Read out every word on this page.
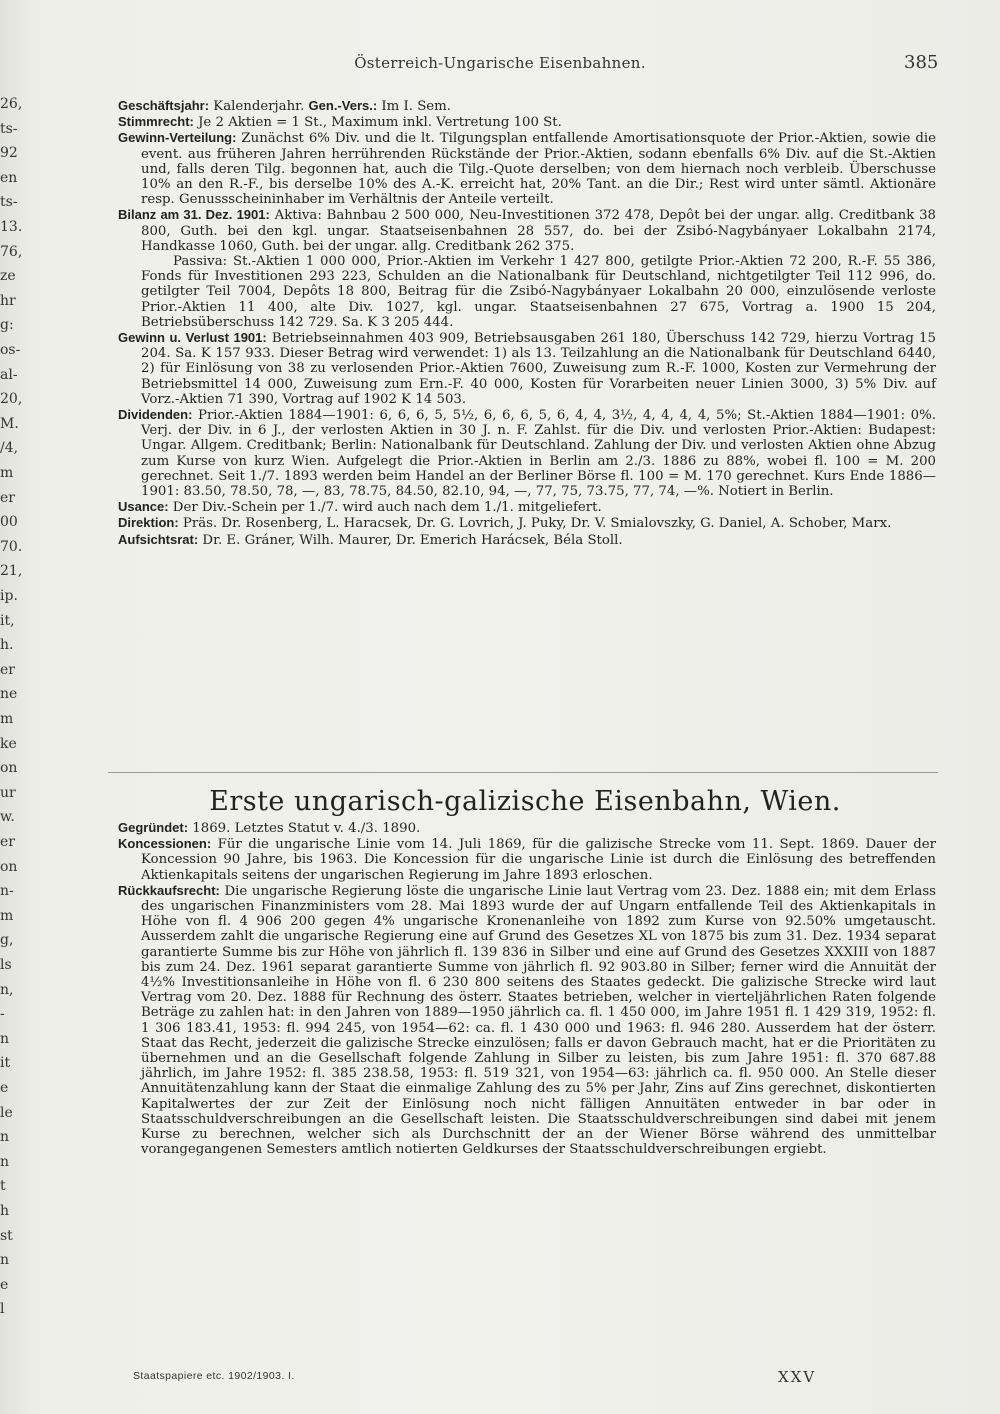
26,
ts-
92
en
ts-
13.
76,
ze
hr
g:
os-
al-
20,
M.
/4,
m
er
00
70.
21,
ip.
it,
h.
er
ne
m
ke
on
ur
w.
er
on
n-
m
g,
ls
n,
-
n
it
e
le
n
n
t
h
st
n
e
l
Österreich-Ungarische Eisenbahnen.	385

Geschäftsjahr: Kalenderjahr. Gen.-Vers.: Im I. Sem.

Stimmrecht: Je 2 Aktien = 1 St., Maximum inkl. Vertretung 100 St.

Gewinn-Verteilung: Zunächst 6% Div. und die lt. Tilgungsplan entfallende Amortisationsquote der Prior.-Aktien, sowie die event. aus früheren Jahren herrührenden Rückstände der Prior.-Aktien, sodann ebenfalls 6% Div. auf die St.-Aktien und, falls deren Tilg. begonnen hat, auch die Tilg.-Quote derselben; von dem hiernach noch verbleib. Überschusse 10% an den R.-F., bis derselbe 10% des A.-K. erreicht hat, 20% Tant. an die Dir.; Rest wird unter sämtl. Aktionäre resp. Genussscheininhaber im Verhältnis der Anteile verteilt.

Bilanz am 31. Dez. 1901: Aktiva: Bahnbau 2 500 000, Neu-Investitionen 372 478, Depôt bei der ungar. allg. Creditbank 38 800, Guth. bei den kgl. ungar. Staatseisenbahnen 28 557, do. bei der Zsibó-Nagybányaer Lokalbahn 2174, Handkasse 1060, Guth. bei der ungar. allg. Creditbank 262 375.

Passiva: St.-Aktien 1 000 000, Prior.-Aktien im Verkehr 1 427 800, getilgte Prior.-Aktien 72 200, R.-F. 55 386, Fonds für Investitionen 293 223, Schulden an die Nationalbank für Deutschland, nichtgetilgter Teil 112 996, do. getilgter Teil 7004, Depôts 18 800, Beitrag für die Zsibó-Nagybányaer Lokalbahn 20 000, einzulösende verloste Prior.-Aktien 11 400, alte Div. 1027, kgl. ungar. Staatseisenbahnen 27 675, Vortrag a. 1900 15 204, Betriebsüberschuss 142 729. Sa. K 3 205 444.

Gewinn u. Verlust 1901: Betriebseinnahmen 403 909, Betriebsausgaben 261 180, Überschuss 142 729, hierzu Vortrag 15 204. Sa. K 157 933. Dieser Betrag wird verwendet: 1) als 13. Teilzahlung an die Nationalbank für Deutschland 6440, 2) für Einlösung von 38 zu verlosenden Prior.-Aktien 7600, Zuweisung zum R.-F. 1000, Kosten zur Vermehrung der Betriebsmittel 14 000, Zuweisung zum Ern.-F. 40 000, Kosten für Vorarbeiten neuer Linien 3000, 3) 5% Div. auf Vorz.-Aktien 71 390, Vortrag auf 1902 K 14 503.

Dividenden: Prior.-Aktien 1884—1901: 6, 6, 6, 5, 5½, 6, 6, 6, 5, 6, 4, 4, 3½, 4, 4, 4, 4, 5%; St.-Aktien 1884—1901: 0%. Verj. der Div. in 6 J., der verlosten Aktien in 30 J. n. F. Zahlst. für die Div. und verlosten Prior.-Aktien: Budapest: Ungar. Allgem. Creditbank; Berlin: Nationalbank für Deutschland. Zahlung der Div. und verlosten Aktien ohne Abzug zum Kurse von kurz Wien. Aufgelegt die Prior.-Aktien in Berlin am 2./3. 1886 zu 88%, wobei fl. 100 = M. 200 gerechnet. Seit 1./7. 1893 werden beim Handel an der Berliner Börse fl. 100 = M. 170 gerechnet. Kurs Ende 1886—1901: 83.50, 78.50, 78, —, 83, 78.75, 84.50, 82.10, 94, —, 77, 75, 73.75, 77, 74, —%. Notiert in Berlin.

Usance: Der Div.-Schein per 1./7. wird auch nach dem 1./1. mitgeliefert.

Direktion: Präs. Dr. Rosenberg, L. Haracsek, Dr. G. Lovrich, J. Puky, Dr. V. Smialovszky, G. Daniel, A. Schober, Marx.

Aufsichtsrat: Dr. E. Gráner, Wilh. Maurer, Dr. Emerich Harácsek, Béla Stoll.

Erste ungarisch-galizische Eisenbahn, Wien.

Gegründet: 1869. Letztes Statut v. 4./3. 1890.

Koncessionen: Für die ungarische Linie vom 14. Juli 1869, für die galizische Strecke vom 11. Sept. 1869. Dauer der Koncession 90 Jahre, bis 1963. Die Koncession für die ungarische Linie ist durch die Einlösung des betreffenden Aktienkapitals seitens der ungarischen Regierung im Jahre 1893 erloschen.

Rückkaufsrecht: Die ungarische Regierung löste die ungarische Linie laut Vertrag vom 23. Dez. 1888 ein; mit dem Erlass des ungarischen Finanzministers vom 28. Mai 1893 wurde der auf Ungarn entfallende Teil des Aktienkapitals in Höhe von fl. 4 906 200 gegen 4% ungarische Kronenanleihe von 1892 zum Kurse von 92.50% umgetauscht. Ausserdem zahlt die ungarische Regierung eine auf Grund des Gesetzes XL von 1875 bis zum 31. Dez. 1934 separat garantierte Summe bis zur Höhe von jährlich fl. 139 836 in Silber und eine auf Grund des Gesetzes XXXIII von 1887 bis zum 24. Dez. 1961 separat garantierte Summe von jährlich fl. 92 903.80 in Silber; ferner wird die Annuität der 4½% Investitionsanleihe in Höhe von fl. 6 230 800 seitens des Staates gedeckt. Die galizische Strecke wird laut Vertrag vom 20. Dez. 1888 für Rechnung des österr. Staates betrieben, welcher in vierteljährlichen Raten folgende Beträge zu zahlen hat: in den Jahren von 1889—1950 jährlich ca. fl. 1 450 000, im Jahre 1951 fl. 1 429 319, 1952: fl. 1 306 183.41, 1953: fl. 994 245, von 1954—62: ca. fl. 1 430 000 und 1963: fl. 946 280. Ausserdem hat der österr. Staat das Recht, jederzeit die galizische Strecke einzulösen; falls er davon Gebrauch macht, hat er die Prioritäten zu übernehmen und an die Gesellschaft folgende Zahlung in Silber zu leisten, bis zum Jahre 1951: fl. 370 687.88 jährlich, im Jahre 1952: fl. 385 238.58, 1953: fl. 519 321, von 1954—63: jährlich ca. fl. 950 000. An Stelle dieser Annuitätenzahlung kann der Staat die einmalige Zahlung des zu 5% per Jahr, Zins auf Zins gerechnet, diskontierten Kapitalwertes der zur Zeit der Einlösung noch nicht fälligen Annuitäten entweder in bar oder in Staatsschuldverschreibungen an die Gesellschaft leisten. Die Staatsschuldverschreibungen sind dabei mit jenem Kurse zu berechnen, welcher sich als Durchschnitt der an der Wiener Börse während des unmittelbar vorangegangenen Semesters amtlich notierten Geldkurses der Staatsschuldverschreibungen ergiebt.

Staatspapiere etc. 1902/1903. I.	XXV
